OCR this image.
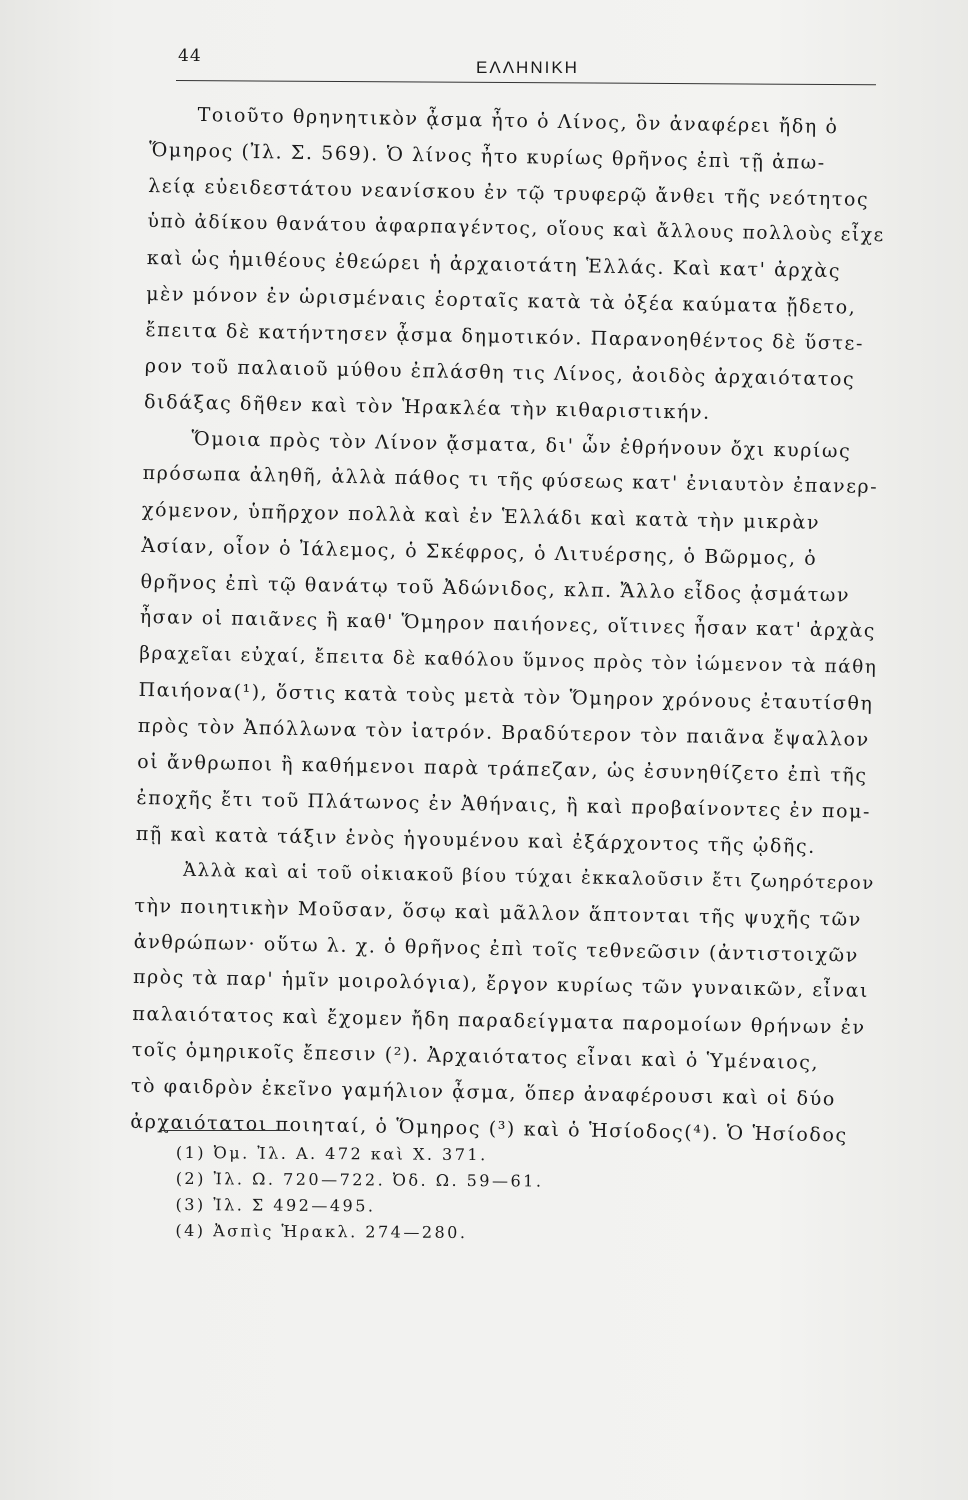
44
ΕΛΛΗΝΙΚΗ
Τοιοῦτο θρηνητικὸν ᾆσμα ἦτο ὁ Λίνος, ὃν ἀναφέρει ἤδη ὁ
Ὅμηρος (Ἰλ. Σ. 569). Ὁ λίνος ἦτο κυρίως θρῆνος ἐπὶ τῇ ἀπω-
λείᾳ εὐειδεστάτου νεανίσκου ἐν τῷ τρυφερῷ ἄνθει τῆς νεότητος
ὑπὸ ἀδίκου θανάτου ἀφαρπαγέντος, οἵους καὶ ἄλλους πολλοὺς εἶχε
καὶ ὡς ἡμιθέους ἐθεώρει ἡ ἀρχαιοτάτη Ἑλλάς. Καὶ κατ' ἀρχὰς
μὲν μόνον ἐν ὡρισμέναις ἑορταῖς κατὰ τὰ ὀξέα καύματα ᾔδετο,
ἔπειτα δὲ κατήντησεν ᾆσμα δημοτικόν. Παρανοηθέντος δὲ ὕστε-
ρον τοῦ παλαιοῦ μύθου ἐπλάσθη τις Λίνος, ἀοιδὸς ἀρχαιότατος
διδάξας δῆθεν καὶ τὸν Ἡρακλέα τὴν κιθαριστικήν.
Ὅμοια πρὸς τὸν Λίνον ᾄσματα, δι' ὧν ἐθρήνουν ὄχι κυρίως
πρόσωπα ἀληθῆ, ἀλλὰ πάθος τι τῆς φύσεως κατ' ἐνιαυτὸν ἐπανερ-
χόμενον, ὑπῆρχον πολλὰ καὶ ἐν Ἑλλάδι καὶ κατὰ τὴν μικρὰν
Ἀσίαν, οἷον ὁ Ἰάλεμος, ὁ Σκέφρος, ὁ Λιτυέρσης, ὁ Βῶρμος, ὁ
θρῆνος ἐπὶ τῷ θανάτῳ τοῦ Ἀδώνιδος, κλπ. Ἄλλο εἶδος ᾀσμάτων
ἦσαν οἱ παιᾶνες ἢ καθ' Ὅμηρον παιήονες, οἵτινες ἦσαν κατ' ἀρχὰς
βραχεῖαι εὐχαί, ἔπειτα δὲ καθόλου ὕμνος πρὸς τὸν ἰώμενον τὰ πάθη
Παιήονα(¹), ὅστις κατὰ τοὺς μετὰ τὸν Ὅμηρον χρόνους ἐταυτίσθη
πρὸς τὸν Ἀπόλλωνα τὸν ἰατρόν. Βραδύτερον τὸν παιᾶνα ἔψαλλον
οἱ ἄνθρωποι ἢ καθήμενοι παρὰ τράπεζαν, ὡς ἐσυνηθίζετο ἐπὶ τῆς
ἐποχῆς ἔτι τοῦ Πλάτωνος ἐν Ἀθήναις, ἢ καὶ προβαίνοντες ἐν πομ-
πῇ καὶ κατὰ τάξιν ἑνὸς ἡγουμένου καὶ ἐξάρχοντος τῆς ᾠδῆς.
Ἀλλὰ καὶ αἱ τοῦ οἰκιακοῦ βίου τύχαι ἐκκαλοῦσιν ἔτι ζωηρότερον
τὴν ποιητικὴν Μοῦσαν, ὅσῳ καὶ μᾶλλον ἅπτονται τῆς ψυχῆς τῶν
ἀνθρώπων· οὕτω λ. χ. ὁ θρῆνος ἐπὶ τοῖς τεθνεῶσιν (ἀντιστοιχῶν
πρὸς τὰ παρ' ἡμῖν μοιρολόγια), ἔργον κυρίως τῶν γυναικῶν, εἶναι
παλαιότατος καὶ ἔχομεν ἤδη παραδείγματα παρομοίων θρήνων ἐν
τοῖς ὁμηρικοῖς ἔπεσιν (²). Ἀρχαιότατος εἶναι καὶ ὁ Ὑμέναιος,
τὸ φαιδρὸν ἐκεῖνο γαμήλιον ᾆσμα, ὅπερ ἀναφέρουσι καὶ οἱ δύο
ἀρχαιότατοι ποιηταί, ὁ Ὅμηρος (³) καὶ ὁ Ἡσίοδος(⁴). Ὁ Ἡσίοδος
(1) Ὀμ. Ἰλ. Α. 472 καὶ Χ. 371.
(2) Ἰλ. Ω. 720—722. Ὀδ. Ω. 59—61.
(3) Ἰλ. Σ 492—495.
(4) Ἀσπὶς Ἡρακλ. 274—280.
